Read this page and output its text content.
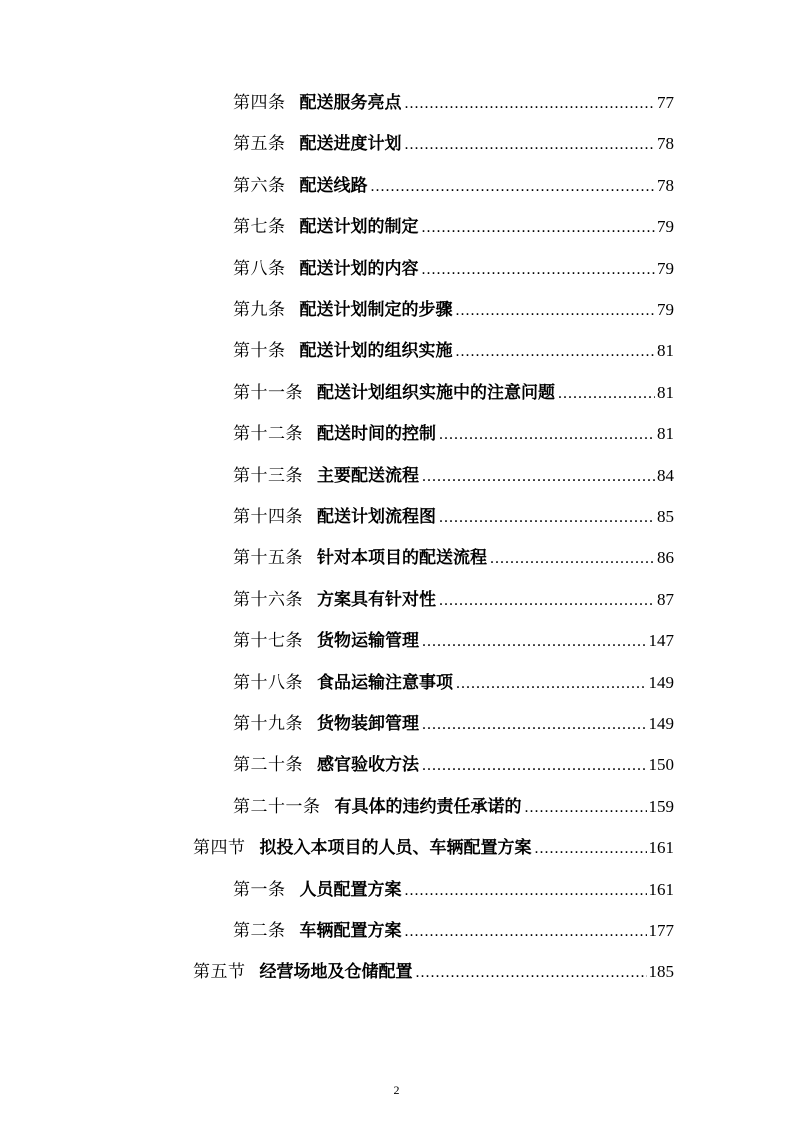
第四条 配送服务亮点 .....	77
第五条 配送进度计划 .....	78
第六条 配送线路 .....	78
第七条 配送计划的制定 .....	79
第八条 配送计划的内容 .....	79
第九条 配送计划制定的步骤 .....	79
第十条 配送计划的组织实施 .....	81
第十一条 配送计划组织实施中的注意问题 .....	81
第十二条 配送时间的控制 .....	81
第十三条 主要配送流程 .....	84
第十四条 配送计划流程图 .....	85
第十五条 针对本项目的配送流程 .....	86
第十六条 方案具有针对性 .....	87
第十七条 货物运输管理 .....	147
第十八条 食品运输注意事项 .....	149
第十九条 货物装卸管理 .....	149
第二十条 感官验收方法 .....	150
第二十一条 有具体的违约责任承诺的 .....	159
第四节 拟投入本项目的人员、车辆配置方案 .....	161
第一条 人员配置方案 .....	161
第二条 车辆配置方案 .....	177
第五节 经营场地及仓储配置 .....	185
2
